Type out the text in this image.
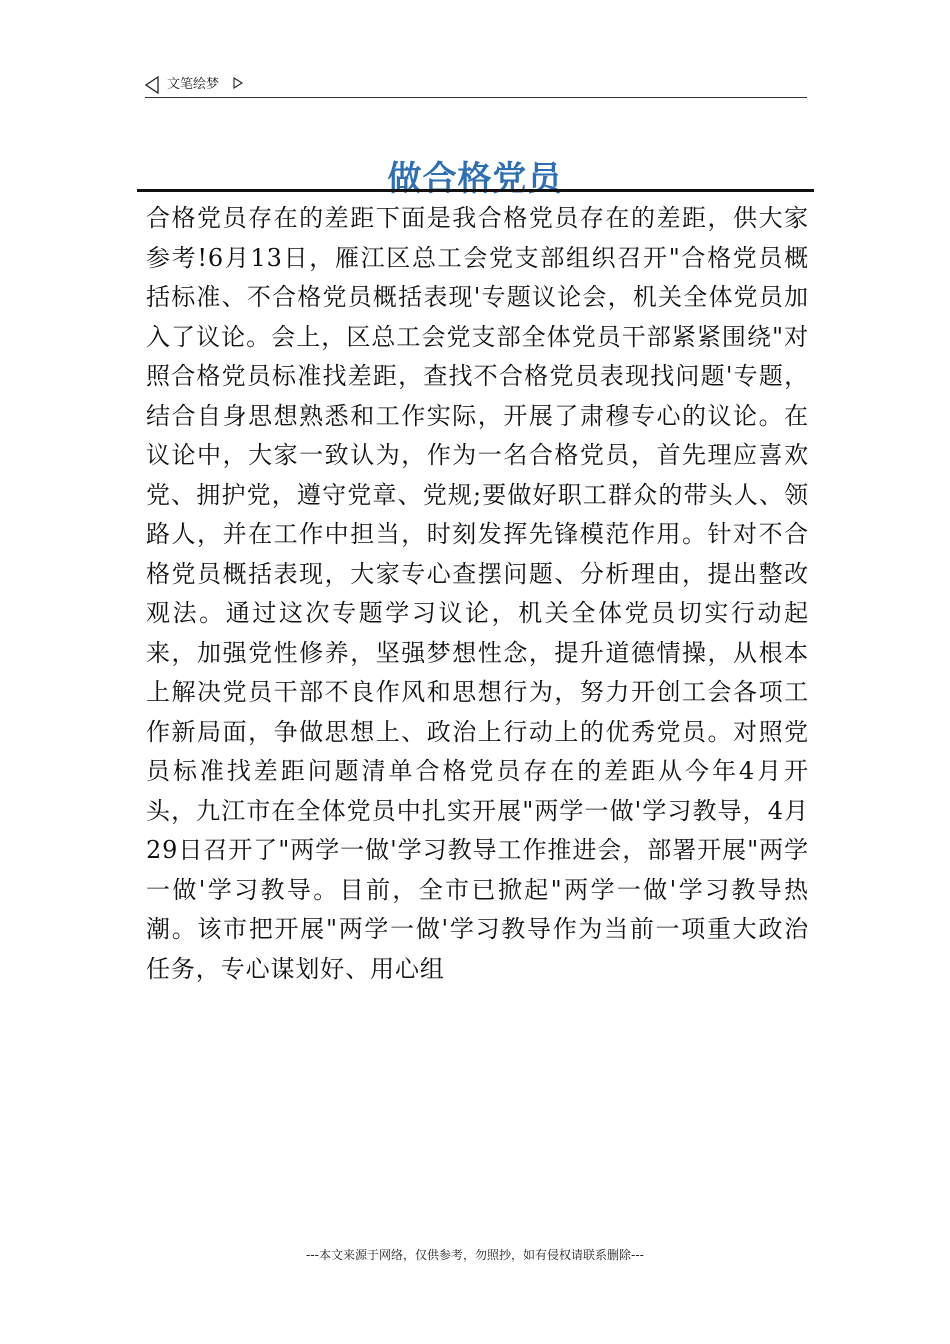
文笔绘梦
做合格党员

合格党员存在的差距下面是我合格党员存在的差距，供大家参考!6月13日，雁江区总工会党支部组织召开"合格党员概括标准、不合格党员概括表现'专题议论会，机关全体党员加入了议论。会上，区总工会党支部全体党员干部紧紧围绕"对照合格党员标准找差距，查找不合格党员表现找问题'专题，结合自身思想熟悉和工作实际，开展了肃穆专心的议论。在议论中，大家一致认为，作为一名合格党员，首先理应喜欢党、拥护党，遵守党章、党规;要做好职工群众的带头人、领路人，并在工作中担当，时刻发挥先锋模范作用。针对不合格党员概括表现，大家专心查摆问题、分析理由，提出整改观法。通过这次专题学习议论，机关全体党员切实行动起来，加强党性修养，坚强梦想性念，提升道德情操，从根本上解决党员干部不良作风和思想行为，努力开创工会各项工作新局面，争做思想上、政治上行动上的优秀党员。对照党员标准找差距问题清单合格党员存在的差距从今年4月开头，九江市在全体党员中扎实开展"两学一做'学习教导，4月29日召开了"两学一做'学习教导工作推进会，部署开展"两学一做'学习教导。目前，全市已掀起"两学一做'学习教导热潮。该市把开展"两学一做'学习教导作为当前一项重大政治任务，专心谋划好、用心组

---本文来源于网络，仅供参考，勿照抄，如有侵权请联系删除---
